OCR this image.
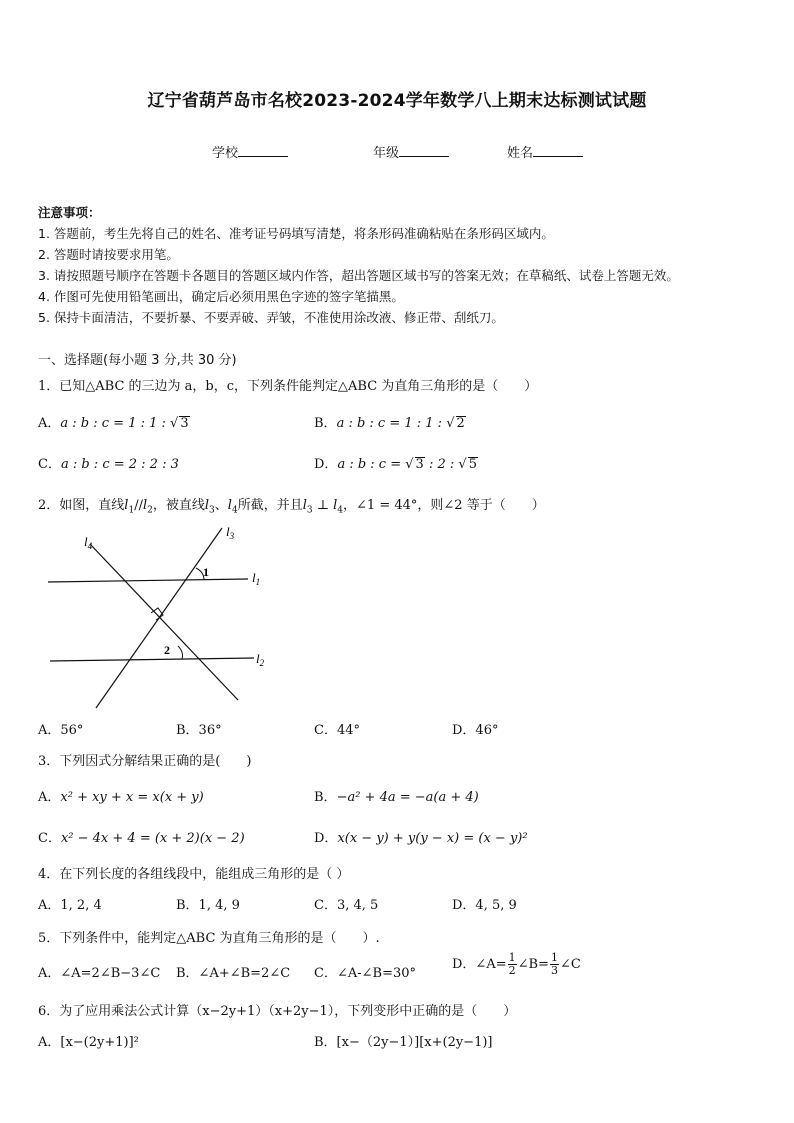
辽宁省葫芦岛市名校2023-2024学年数学八上期末达标测试试题
学校	年级	姓名
注意事项：
1. 答题前，考生先将自己的姓名、准考证号码填写清楚，将条形码准确粘贴在条形码区域内。
2. 答题时请按要求用笔。
3. 请按照题号顺序在答题卡各题目的答题区域内作答，超出答题区域书写的答案无效；在草稿纸、试卷上答题无效。
4. 作图可先使用铅笔画出，确定后必须用黑色字迹的签字笔描黑。
5. 保持卡面清洁，不要折暴、不要弄破、弄皱，不准使用涂改液、修正带、刮纸刀。
一、选择题(每小题 3 分,共 30 分)
1．已知△ABC 的三边为 a，b，c，下列条件能判定△ABC 为直角三角形的是（　　）
A．a : b : c = 1 : 1 : √ 3	B．a : b : c = 1 : 1 : √ 2
C．a : b : c = 2 : 2 : 3	D．a : b : c = √ 3 : 2 : √ 5
2．如图，直线$l_1//l_2$，被直线$l_3$、$l_4$所截，并且$l_3$ ⊥ $l_4$，∠1 = 44°，则∠2 等于（　　）
$l_4$
$l_3$
$l_1$
$l_2$
1
2
A．56°	B．36°	C．44°	D．46°
3．下列因式分解结果正确的是(　　)
A．x² + xy + x = x(x + y)	B．−a² + 4a = −a(a + 4)
C．x² − 4x + 4 = (x + 2)(x − 2)	D．x(x − y) + y(y − x) = (x − y)²
4．在下列长度的各组线段中，能组成三角形的是（ ）
A．1, 2, 4	B．1, 4, 9	C．3, 4, 5	D．4, 5, 9
5．下列条件中，能判定△ABC 为直角三角形的是（　　）.
A．∠A=2∠B−3∠C B．∠A+∠B=2∠C C．∠A-∠B=30°
D．∠A= $\frac{1}{2}$ ∠B= $\frac{1}{3}$ ∠C
6．为了应用乘法公式计算（x−2y+1）（x+2y−1），下列变形中正确的是（　　）
A．[x−(2y+1)]²	B．[x−（2y−1）][x+(2y−1)]
